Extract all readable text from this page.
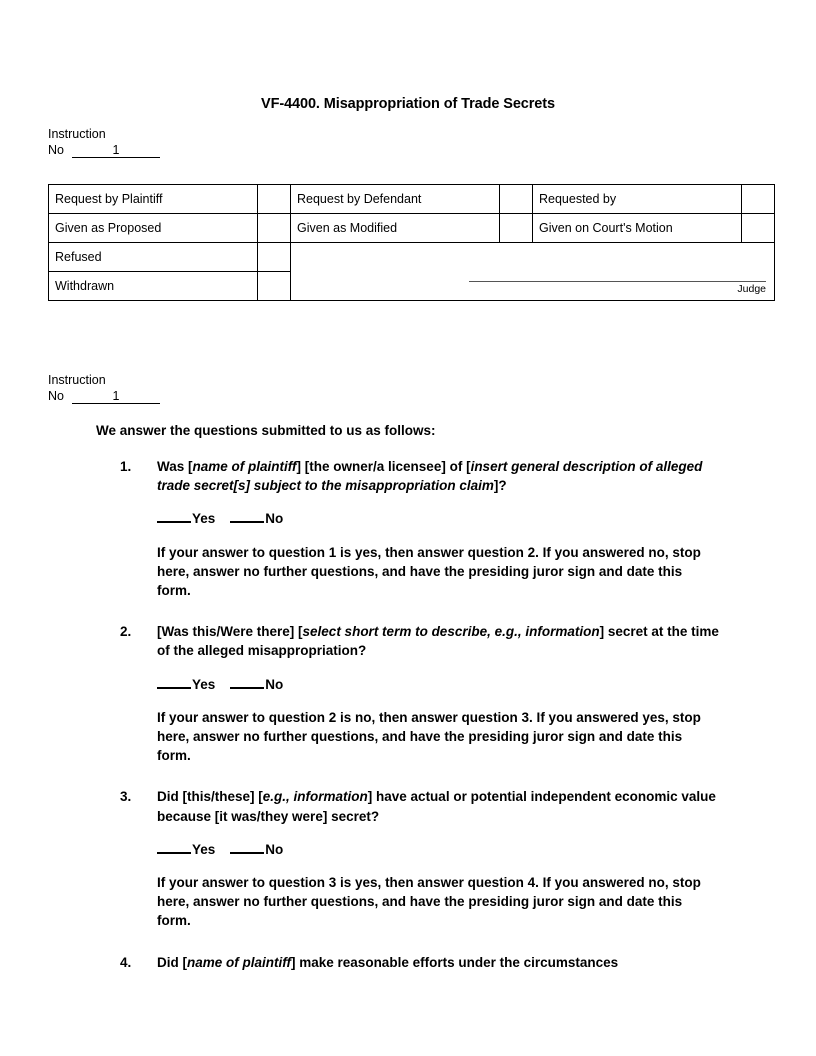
VF-4400. Misappropriation of Trade Secrets
Instruction
No	1
Request by Plaintiff		Request by Defendant		Requested by	
Given as Proposed		Given as Modified		Given on Court's Motion	
Refused		Judge			

Withdrawn					
Instruction
No	1
We answer the questions submitted to us as follows:
1.	Was [name of plaintiff] [the owner/a licensee] of [insert general description of alleged trade secret[s] subject to the misappropriation claim]?
Yes	No
If your answer to question 1 is yes, then answer question 2. If you answered no, stop here, answer no further questions, and have the presiding juror sign and date this form.
2.	[Was this/Were there] [select short term to describe, e.g., information] secret at the time of the alleged misappropriation?
Yes	No
If your answer to question 2 is no, then answer question 3. If you answered yes, stop here, answer no further questions, and have the presiding juror sign and date this form.
3.	Did [this/these] [e.g., information] have actual or potential independent economic value because [it was/they were] secret?
Yes	No
If your answer to question 3 is yes, then answer question 4. If you answered no, stop here, answer no further questions, and have the presiding juror sign and date this form.
4.	Did [name of plaintiff] make reasonable efforts under the circumstances
